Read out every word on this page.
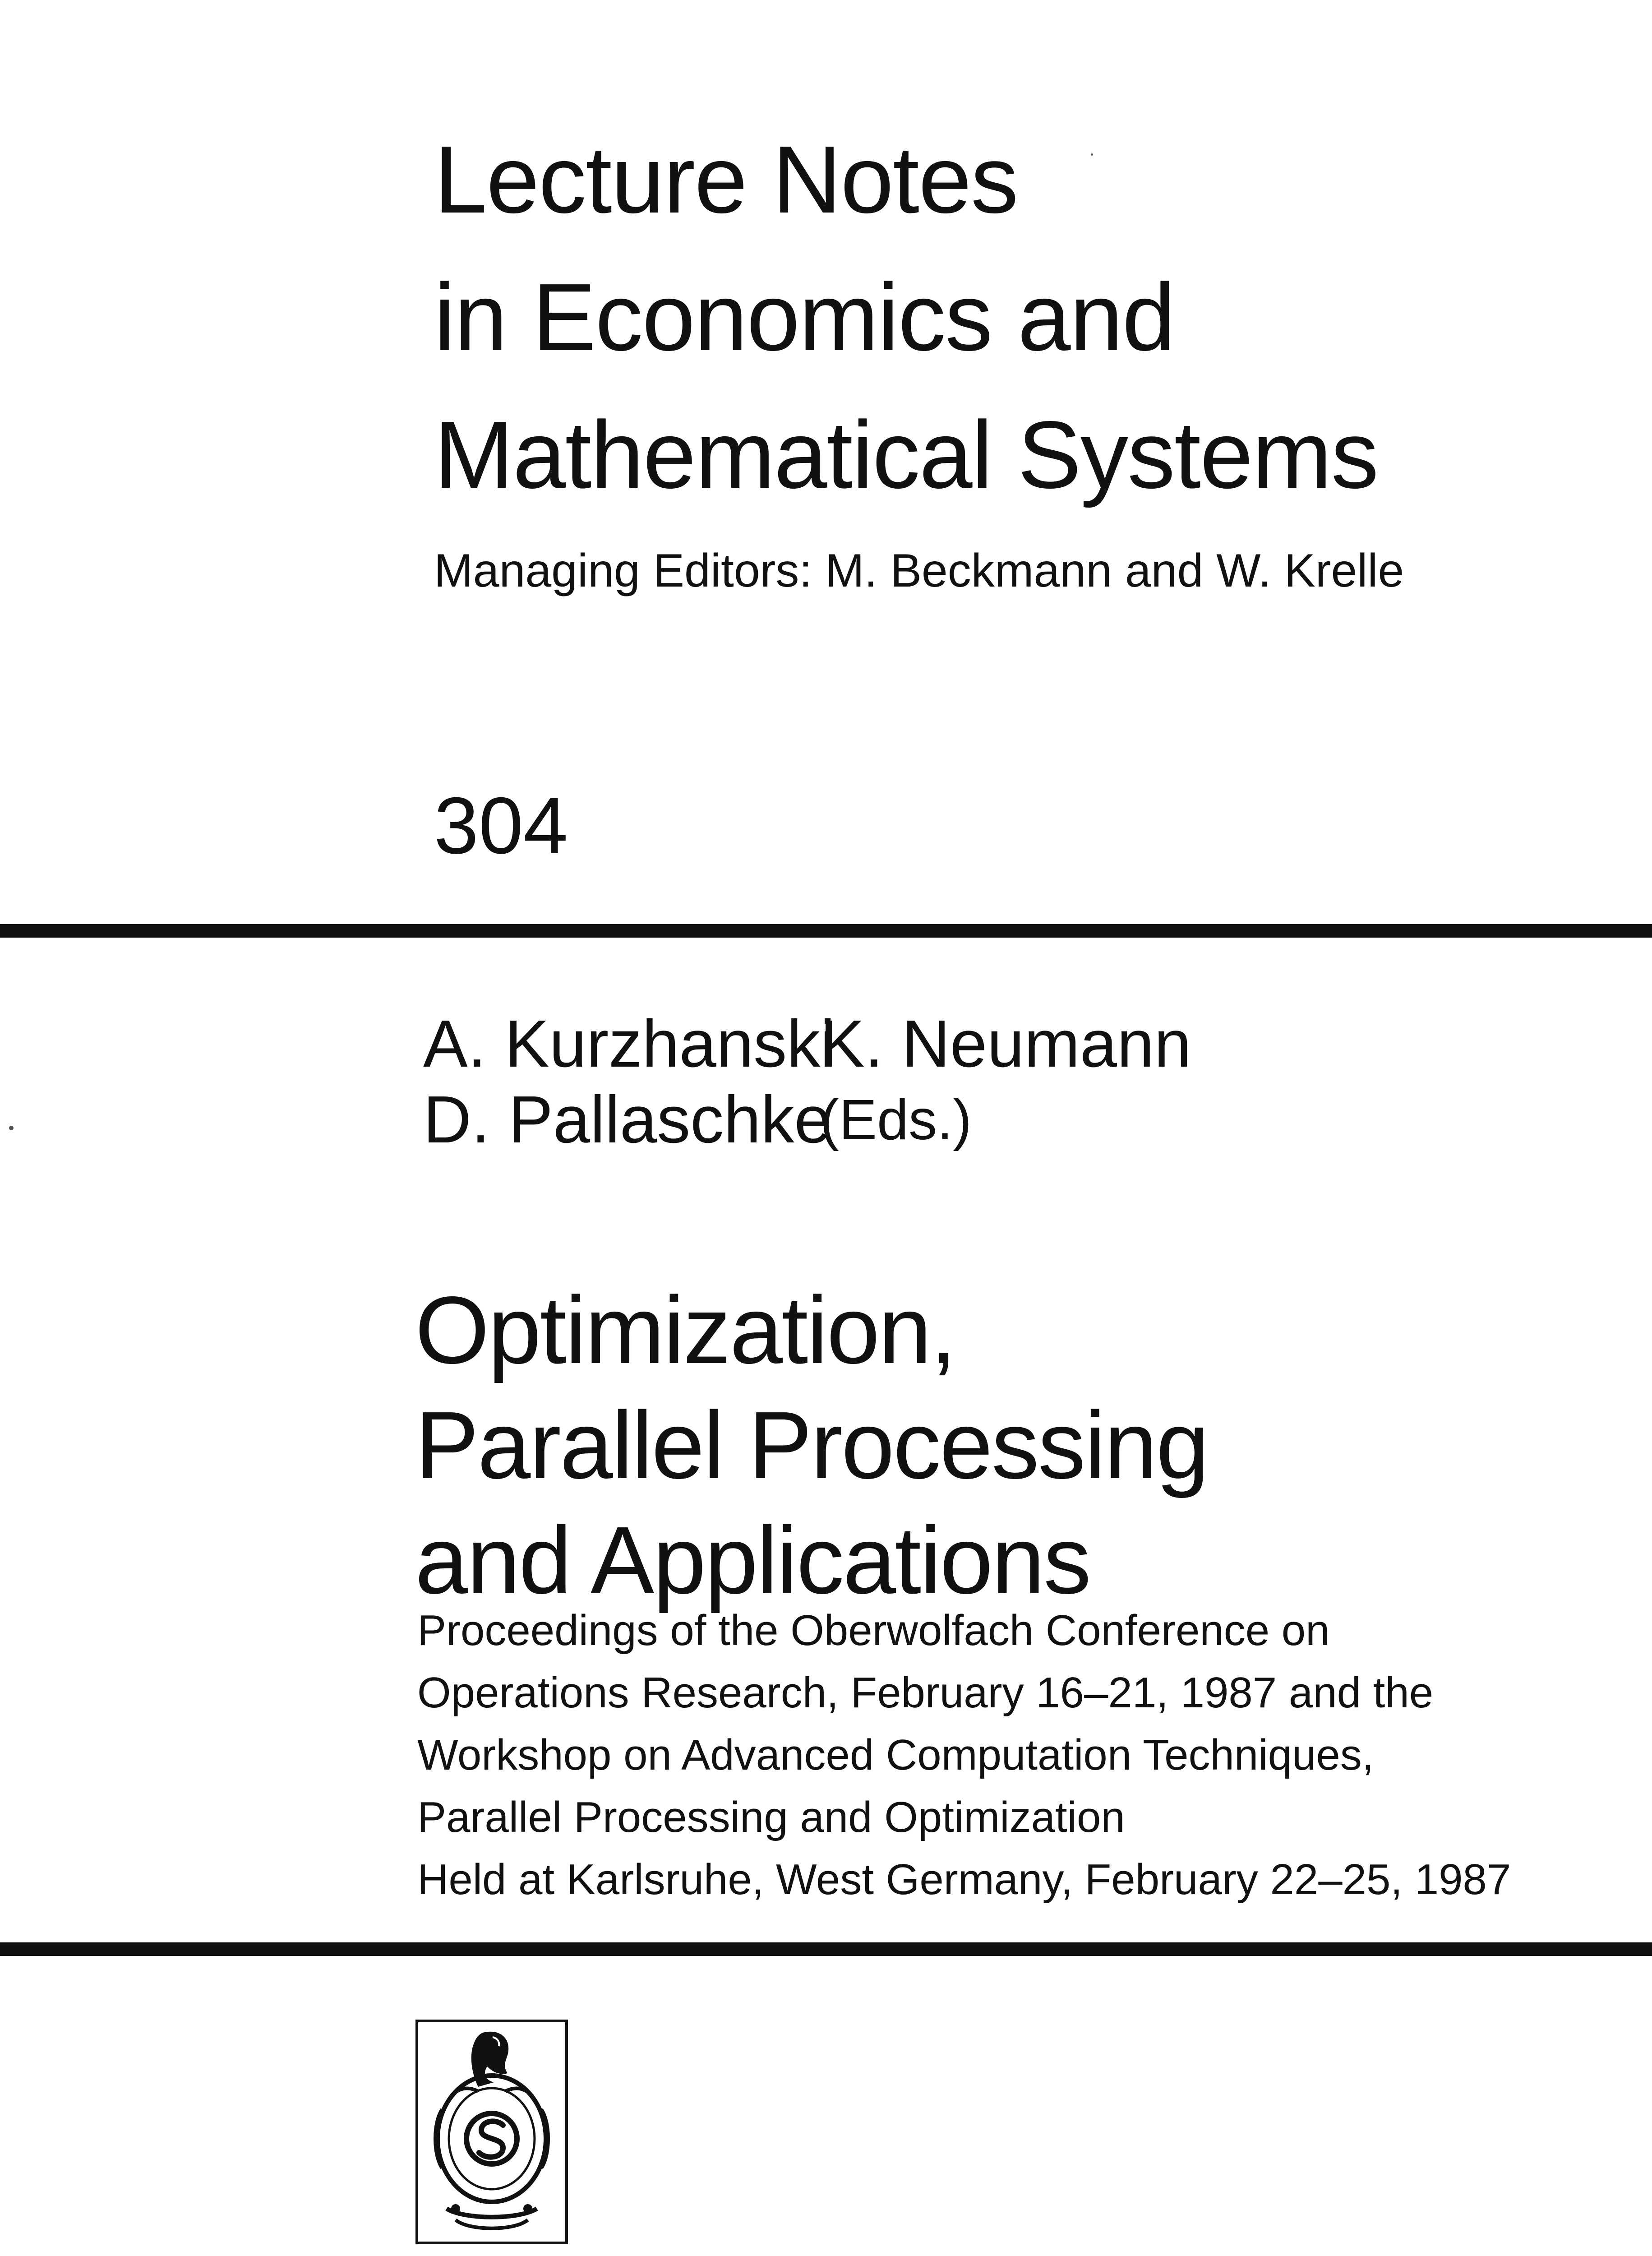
Lecture Notes
in Economics and
Mathematical Systems
Managing Editors: M. Beckmann and W. Krelle
304
A. Kurzhanski
K. Neumann
D. Pallaschke
(Eds.)
Optimization,
Parallel Processing
and Applications
Proceedings of the Oberwolfach Conference on
Operations Research, February 16–21, 1987 and the
Workshop on Advanced Computation Techniques,
Parallel Processing and Optimization
Held at Karlsruhe, West Germany, February 22–25, 1987
